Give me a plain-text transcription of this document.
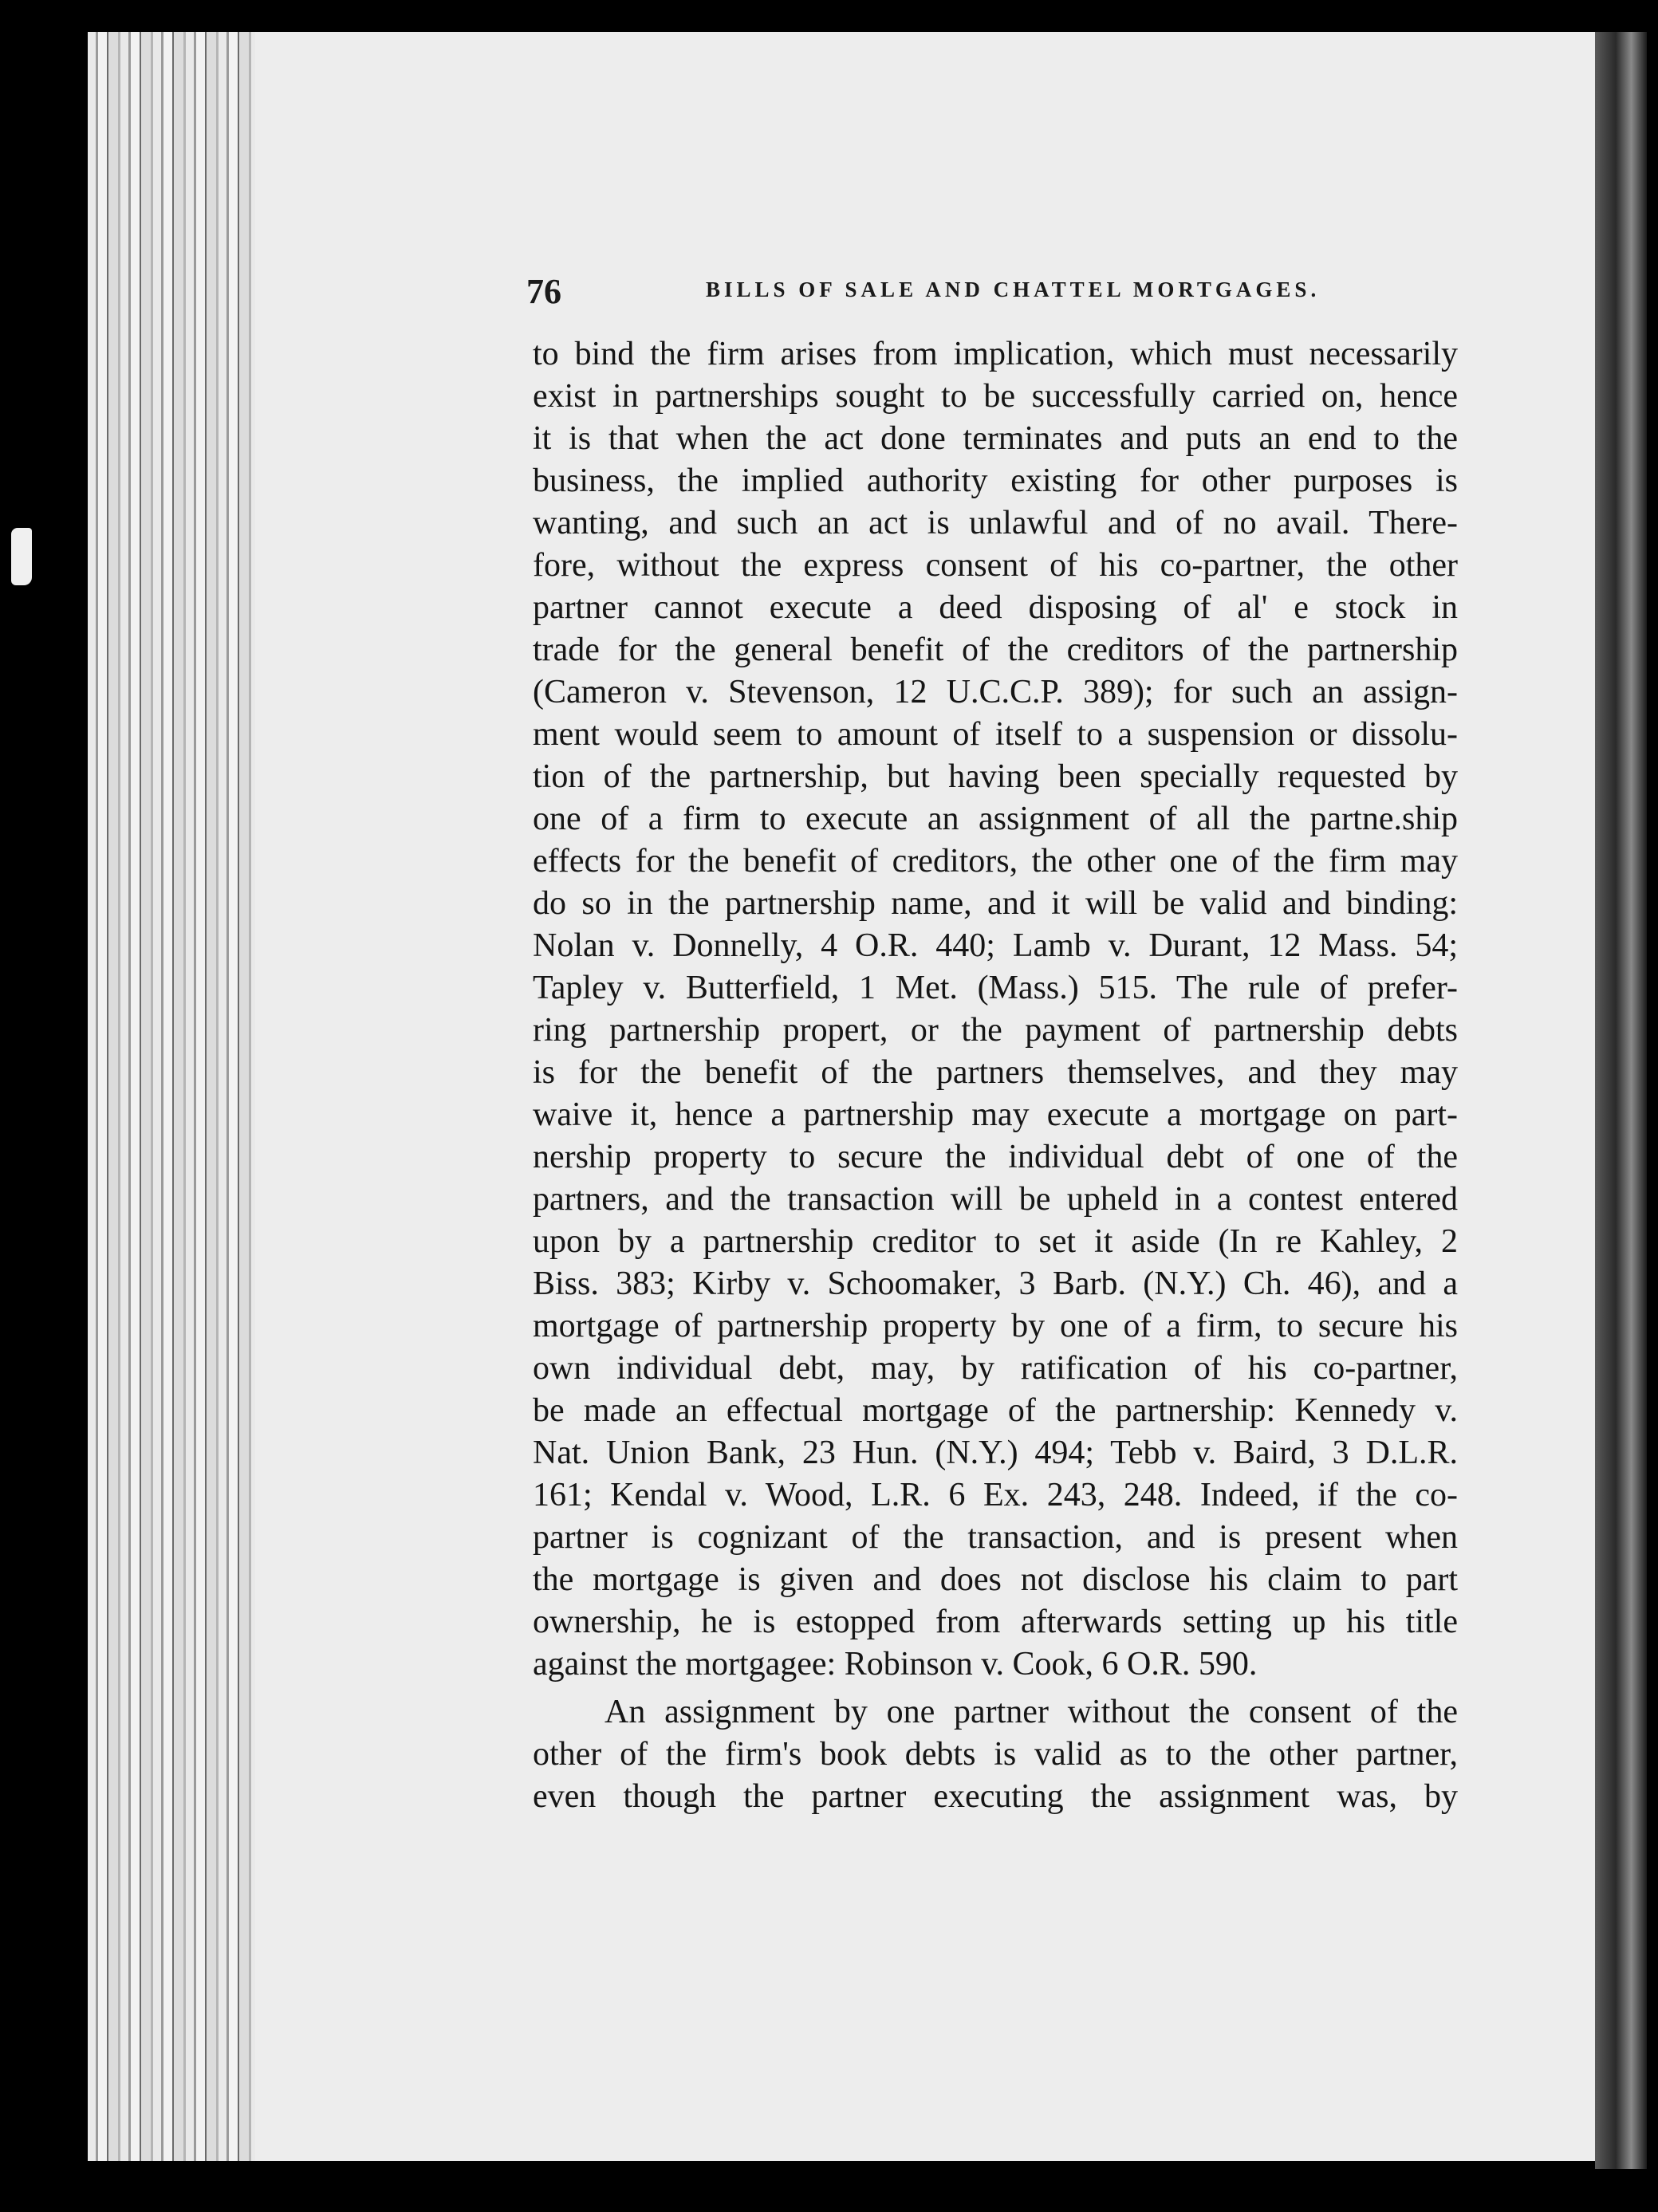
76	BILLS OF SALE AND CHATTEL MORTGAGES.
to bind the firm arises from implication, which must necessarily
exist in partnerships sought to be successfully carried on, hence
it is that when the act done terminates and puts an end to the
business, the implied authority existing for other purposes is
wanting, and such an act is unlawful and of no avail. There-
fore, without the express consent of his co-partner, the other
partner cannot execute a deed disposing of al' e stock in
trade for the general benefit of the creditors of the partnership
(Cameron v. Stevenson, 12 U.C.C.P. 389); for such an assign-
ment would seem to amount of itself to a suspension or dissolu-
tion of the partnership, but having been specially requested by
one of a firm to execute an assignment of all the partne.ship
effects for the benefit of creditors, the other one of the firm may
do so in the partnership name, and it will be valid and binding:
Nolan v. Donnelly, 4 O.R. 440; Lamb v. Durant, 12 Mass. 54;
Tapley v. Butterfield, 1 Met. (Mass.) 515. The rule of prefer-
ring partnership propert, or the payment of partnership debts
is for the benefit of the partners themselves, and they may
waive it, hence a partnership may execute a mortgage on part-
nership property to secure the individual debt of one of the
partners, and the transaction will be upheld in a contest entered
upon by a partnership creditor to set it aside (In re Kahley, 2
Biss. 383; Kirby v. Schoomaker, 3 Barb. (N.Y.) Ch. 46), and a
mortgage of partnership property by one of a firm, to secure his
own individual debt, may, by ratification of his co-partner,
be made an effectual mortgage of the partnership: Kennedy v.
Nat. Union Bank, 23 Hun. (N.Y.) 494; Tebb v. Baird, 3 D.L.R.
161; Kendal v. Wood, L.R. 6 Ex. 243, 248. Indeed, if the co-
partner is cognizant of the transaction, and is present when
the mortgage is given and does not disclose his claim to part
ownership, he is estopped from afterwards setting up his title
against the mortgagee: Robinson v. Cook, 6 O.R. 590.
An assignment by one partner without the consent of the
other of the firm's book debts is valid as to the other partner,
even though the partner executing the assignment was, by
